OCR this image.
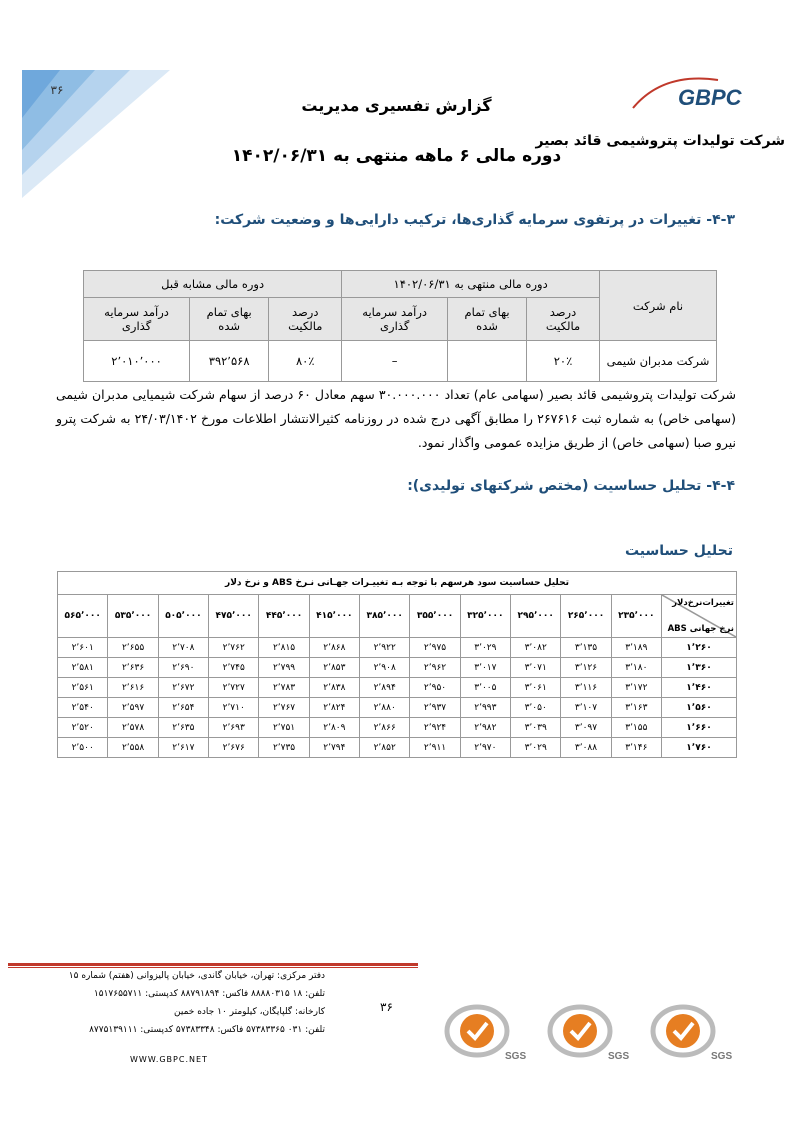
۳۶	GBPC
شرکت تولیدات پتروشیمی قائد بصیر
گزارش تفسیری مدیریت
دوره مالی ۶ ماهه منتهی به ۱۴۰۲/۰۶/۳۱
۴-۳- تغییرات در پرتفوی سرمایه گذاری‌ها، ترکیب دارایی‌ها و وضعیت شرکت:
نام شرکت	دوره مالی منتهی به ۱۴۰۲/۰۶/۳۱			دوره مالی مشابه قبل		
	درصد مالکیت	بهای تمام شده	درآمد سرمایه گذاری	درصد مالکیت	بهای تمام شده	درآمد سرمایه گذاری
شرکت مدبران شیمی	۲۰٪		–	۸۰٪	۳۹۲٬۵۶۸	۲٬۰۱۰٬۰۰۰
شرکت تولیدات پتروشیمی قائد بصیر (سهامی عام) تعداد ۳۰.۰۰۰.۰۰۰ سهم معادل ۶۰ درصد از سهام شرکت شیمیایی مدبران شیمی (سهامی خاص) به شماره ثبت ۲۶۷۶۱۶ را مطابق آگهی درج شده در روزنامه کثیرالانتشار اطلاعات مورخ ۲۴/۰۳/۱۴۰۲ به شرکت پترو نیرو صبا (سهامی خاص) از طریق مزایده عمومی واگذار نمود.
۴-۴- تحلیل حساسیت (مختص شرکتهای تولیدی):
تحلیل حساسیت
تحلیل حساسیت سود هرسهم با توجه بـه تغییـرات جهـانی نـرخ ABS و نرخ دلار												

تغییرات‌نرخ‌دلار
نرخ جهانی ABS	۲۳۵٬۰۰۰	۲۶۵٬۰۰۰	۲۹۵٬۰۰۰	۳۲۵٬۰۰۰	۳۵۵٬۰۰۰	۳۸۵٬۰۰۰	۴۱۵٬۰۰۰	۴۴۵٬۰۰۰	۴۷۵٬۰۰۰	۵۰۵٬۰۰۰	۵۳۵٬۰۰۰	۵۶۵٬۰۰۰
۱٬۲۶۰	۳٬۱۸۹	۳٬۱۳۵	۳٬۰۸۲	۳٬۰۲۹	۲٬۹۷۵	۲٬۹۲۲	۲٬۸۶۸	۲٬۸۱۵	۲٬۷۶۲	۲٬۷۰۸	۲٬۶۵۵	۲٬۶۰۱
۱٬۳۶۰	۳٬۱۸۰	۳٬۱۲۶	۳٬۰۷۱	۳٬۰۱۷	۲٬۹۶۲	۲٬۹۰۸	۲٬۸۵۳	۲٬۷۹۹	۲٬۷۴۵	۲٬۶۹۰	۲٬۶۳۶	۲٬۵۸۱
۱٬۴۶۰	۳٬۱۷۲	۳٬۱۱۶	۳٬۰۶۱	۳٬۰۰۵	۲٬۹۵۰	۲٬۸۹۴	۲٬۸۳۸	۲٬۷۸۳	۲٬۷۲۷	۲٬۶۷۲	۲٬۶۱۶	۲٬۵۶۱
۱٬۵۶۰	۳٬۱۶۳	۳٬۱۰۷	۳٬۰۵۰	۲٬۹۹۳	۲٬۹۳۷	۲٬۸۸۰	۲٬۸۲۴	۲٬۷۶۷	۲٬۷۱۰	۲٬۶۵۴	۲٬۵۹۷	۲٬۵۴۰
۱٬۶۶۰	۳٬۱۵۵	۳٬۰۹۷	۳٬۰۳۹	۲٬۹۸۲	۲٬۹۲۴	۲٬۸۶۶	۲٬۸۰۹	۲٬۷۵۱	۲٬۶۹۳	۲٬۶۳۵	۲٬۵۷۸	۲٬۵۲۰
۱٬۷۶۰	۳٬۱۴۶	۳٬۰۸۸	۳٬۰۲۹	۲٬۹۷۰	۲٬۹۱۱	۲٬۸۵۲	۲٬۷۹۴	۲٬۷۳۵	۲٬۶۷۶	۲٬۶۱۷	۲٬۵۵۸	۲٬۵۰۰
دفتر مرکزی: تهران، خیابان گاندی، خیابان پالیزوانی (هفتم) شماره ۱۵
تلفن: ۱۸ ۸۸۸۸۰۳۱۵ فاکس: ۸۸۷۹۱۸۹۴ کدپستی: ۱۵۱۷۶۵۵۷۱۱
کارخانه: گلپایگان، کیلومتر ۱۰ جاده خمین
تلفن: ۰۳۱ ۵۷۳۸۳۳۶۵ فاکس: ۵۷۳۸۳۳۴۸ کدپستی: ۸۷۷۵۱۳۹۱۱۱
۳۶
WWW.GBPC.NET	SGS	SGS	SGS
